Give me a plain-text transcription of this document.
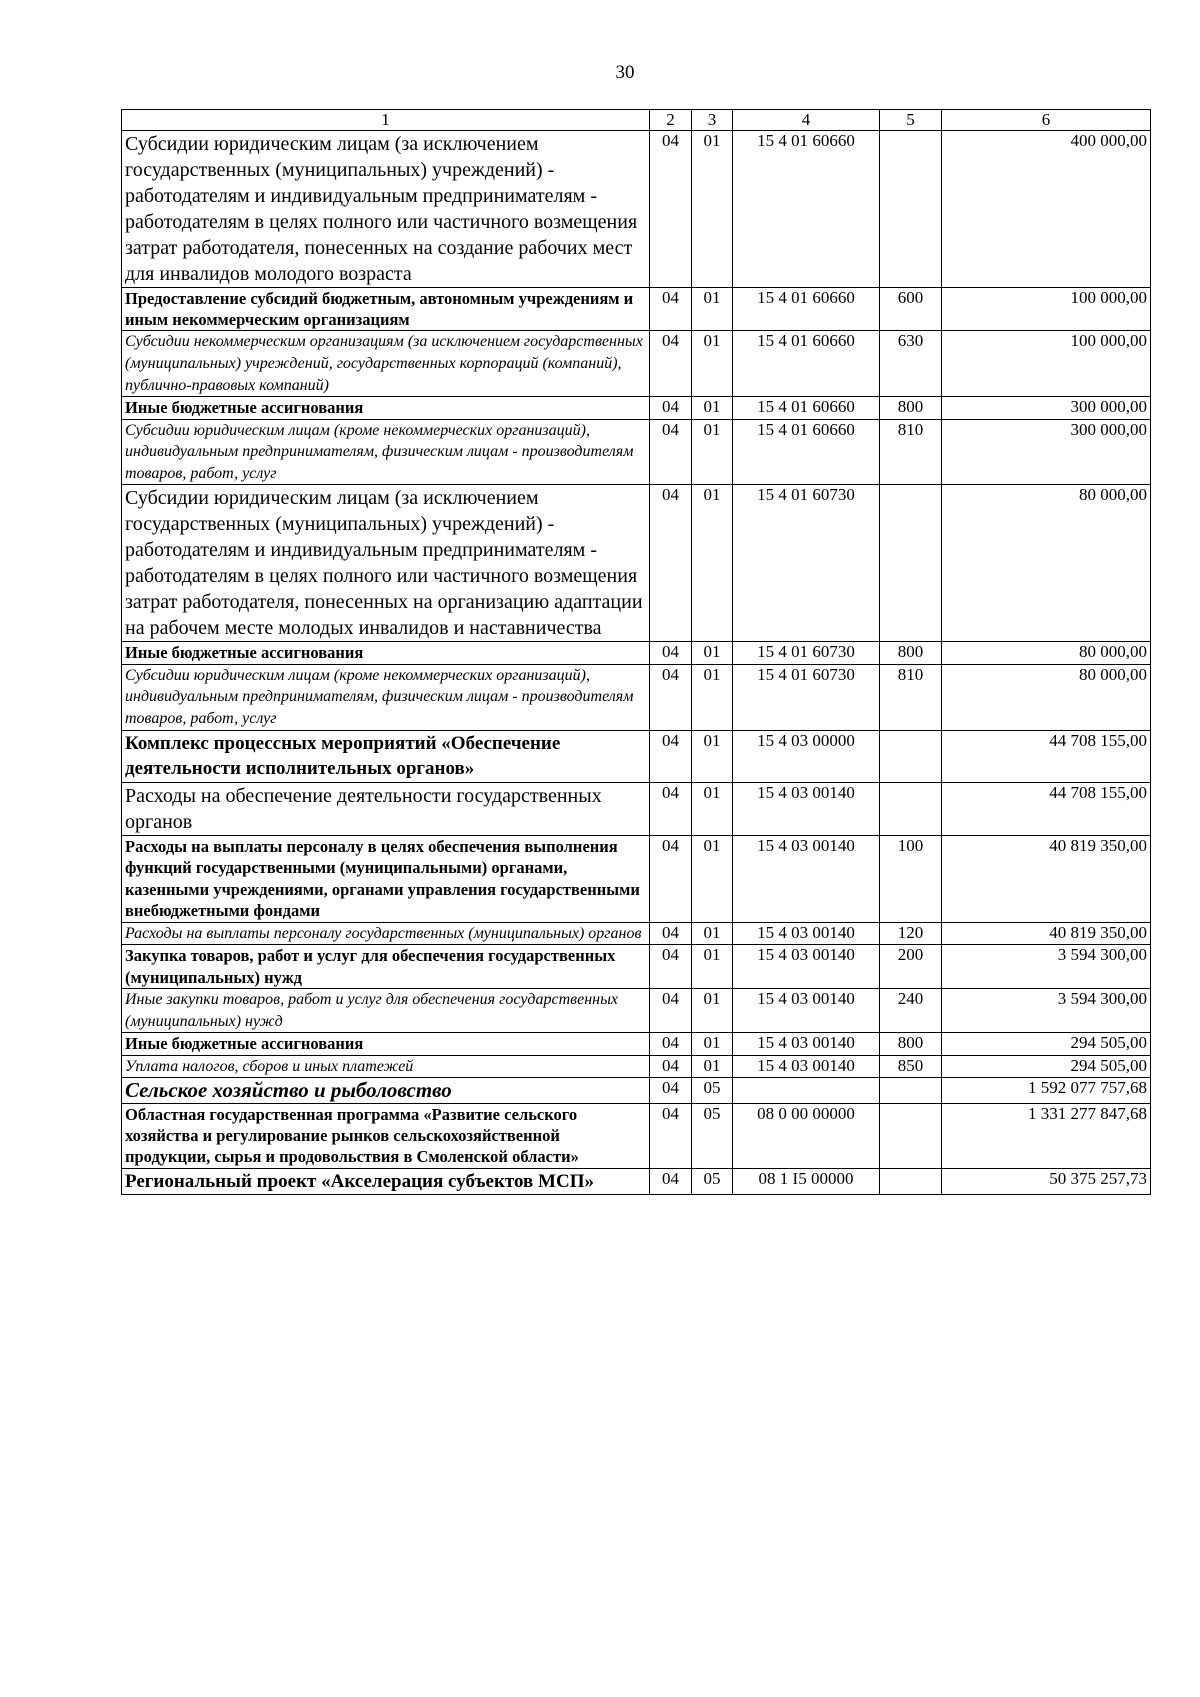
30
1	2	3	4	5	6
Субсидии юридическим лицам (за исключением государственных (муниципальных) учреждений) - работодателям и индивидуальным предпринимателям - работодателям в целях полного или частичного возмещения затрат работодателя, понесенных на создание рабочих мест для инвалидов молодого возраста	04	01	15 4 01 60660		400 000,00
Предоставление субсидий бюджетным, автономным учреждениям и иным некоммерческим организациям	04	01	15 4 01 60660	600	100 000,00
Субсидии некоммерческим организациям (за исключением государственных (муниципальных) учреждений, государственных корпораций (компаний), публично-правовых компаний)	04	01	15 4 01 60660	630	100 000,00
Иные бюджетные ассигнования	04	01	15 4 01 60660	800	300 000,00
Субсидии юридическим лицам (кроме некоммерческих организаций), индивидуальным предпринимателям, физическим лицам - производителям товаров, работ, услуг	04	01	15 4 01 60660	810	300 000,00
Субсидии юридическим лицам (за исключением государственных (муниципальных) учреждений) - работодателям и индивидуальным предпринимателям - работодателям в целях полного или частичного возмещения затрат работодателя, понесенных на организацию адаптации на рабочем месте молодых инвалидов и наставничества	04	01	15 4 01 60730		80 000,00
Иные бюджетные ассигнования	04	01	15 4 01 60730	800	80 000,00
Субсидии юридическим лицам (кроме некоммерческих организаций), индивидуальным предпринимателям, физическим лицам - производителям товаров, работ, услуг	04	01	15 4 01 60730	810	80 000,00
Комплекс процессных мероприятий «Обеспечение деятельности исполнительных органов»	04	01	15 4 03 00000		44 708 155,00
Расходы на обеспечение деятельности государственных органов	04	01	15 4 03 00140		44 708 155,00
Расходы на выплаты персоналу в целях обеспечения выполнения функций государственными (муниципальными) органами, казенными учреждениями, органами управления государственными внебюджетными фондами	04	01	15 4 03 00140	100	40 819 350,00
Расходы на выплаты персоналу государственных (муниципальных) органов	04	01	15 4 03 00140	120	40 819 350,00
Закупка товаров, работ и услуг для обеспечения государственных (муниципальных) нужд	04	01	15 4 03 00140	200	3 594 300,00
Иные закупки товаров, работ и услуг для обеспечения государственных (муниципальных) нужд	04	01	15 4 03 00140	240	3 594 300,00
Иные бюджетные ассигнования	04	01	15 4 03 00140	800	294 505,00
Уплата налогов, сборов и иных платежей	04	01	15 4 03 00140	850	294 505,00
Сельское хозяйство и рыболовство	04	05			1 592 077 757,68
Областная государственная программа «Развитие сельского хозяйства и регулирование рынков сельскохозяйственной продукции, сырья и продовольствия в Смоленской области»	04	05	08 0 00 00000		1 331 277 847,68
Региональный проект «Акселерация субъектов МСП»	04	05	08 1 I5 00000		50 375 257,73
